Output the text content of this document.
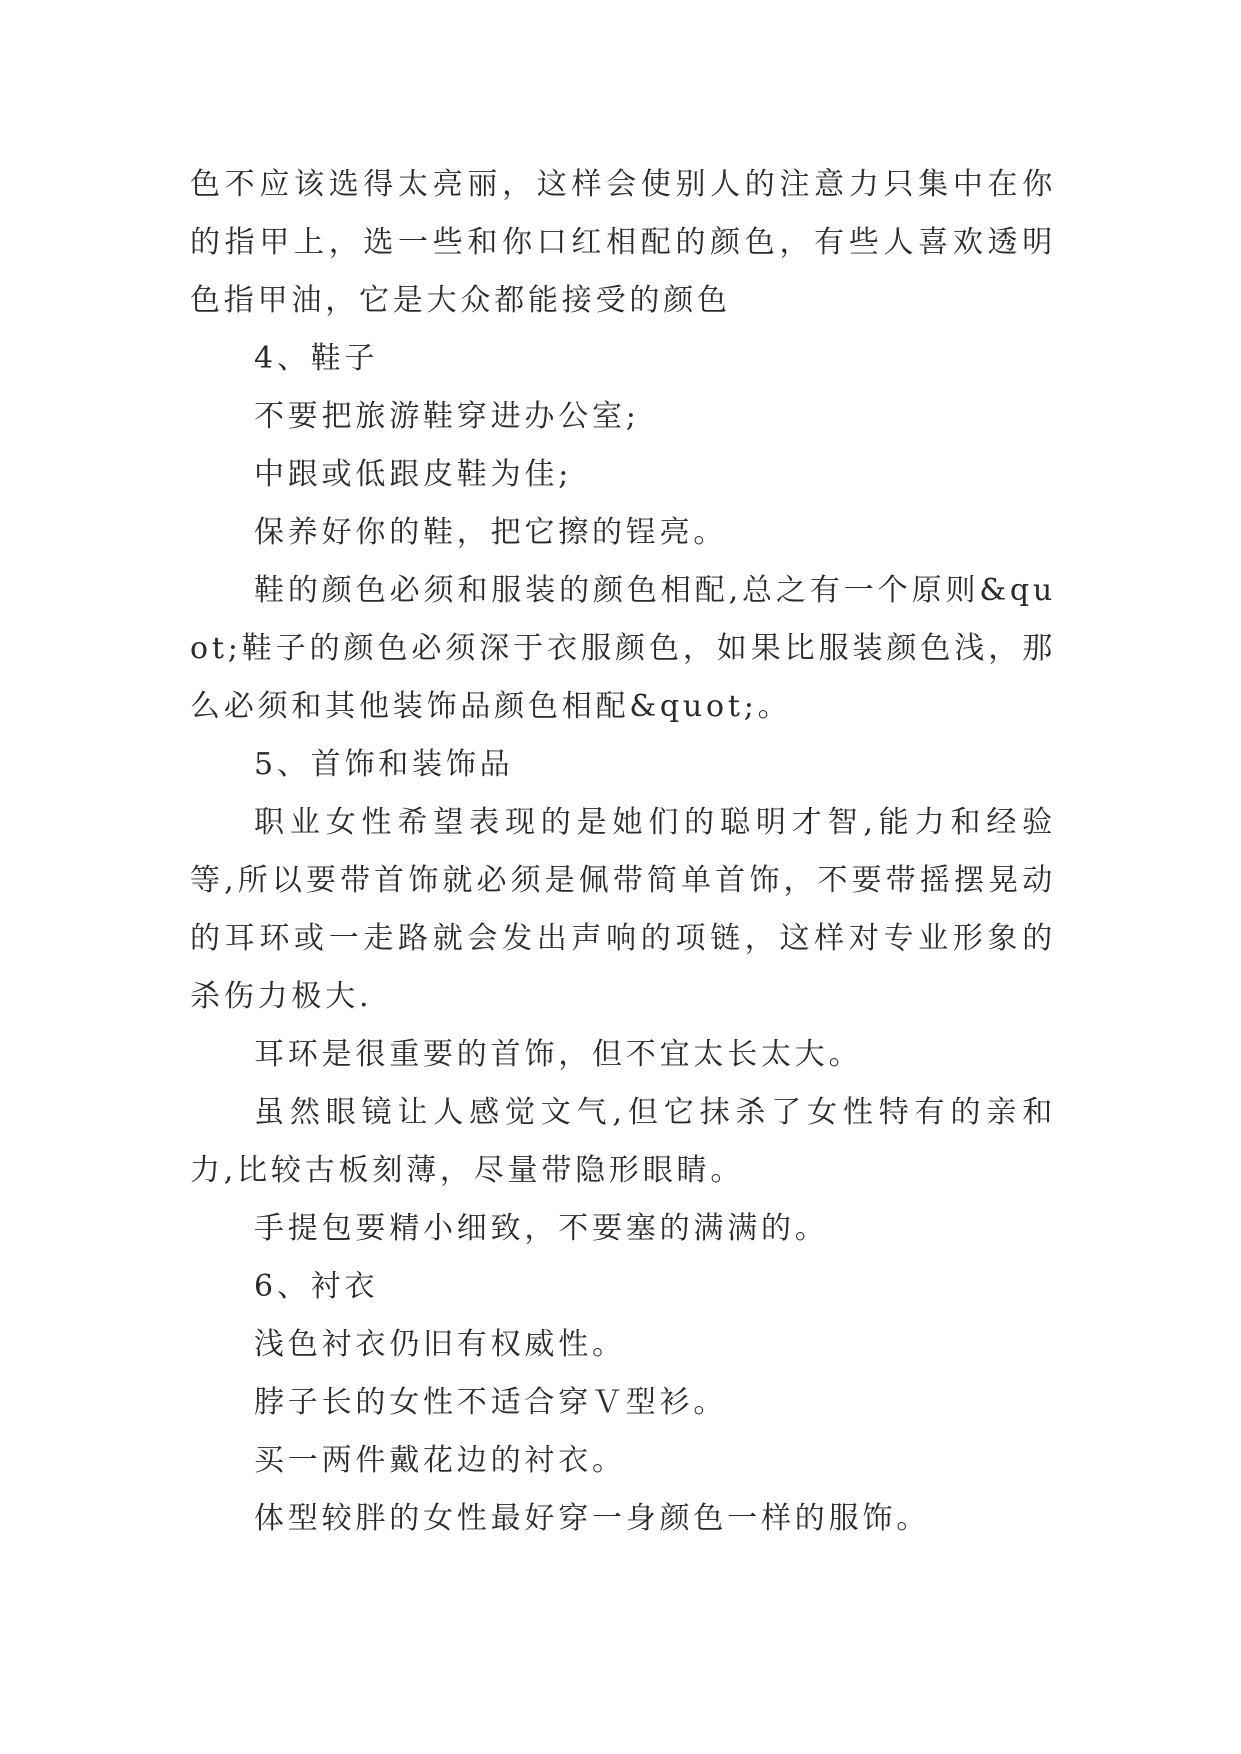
色不应该选得太亮丽，这样会使别人的注意力只集中在你的指甲上，选一些和你口红相配的颜色，有些人喜欢透明色指甲油，它是大众都能接受的颜色

4、鞋子

不要把旅游鞋穿进办公室;

中跟或低跟皮鞋为佳;

保养好你的鞋，把它擦的锃亮。

鞋的颜色必须和服装的颜色相配,总之有一个原则&quot;鞋子的颜色必须深于衣服颜色，如果比服装颜色浅，那么必须和其他装饰品颜色相配&quot;。

5、首饰和装饰品

职业女性希望表现的是她们的聪明才智,能力和经验等,所以要带首饰就必须是佩带简单首饰，不要带摇摆晃动的耳环或一走路就会发出声响的项链，这样对专业形象的杀伤力极大.

耳环是很重要的首饰，但不宜太长太大。

虽然眼镜让人感觉文气,但它抹杀了女性特有的亲和力,比较古板刻薄，尽量带隐形眼睛。

手提包要精小细致，不要塞的满满的。

6、衬衣

浅色衬衣仍旧有权威性。

脖子长的女性不适合穿Ｖ型衫。

买一两件戴花边的衬衣。

体型较胖的女性最好穿一身颜色一样的服饰。
